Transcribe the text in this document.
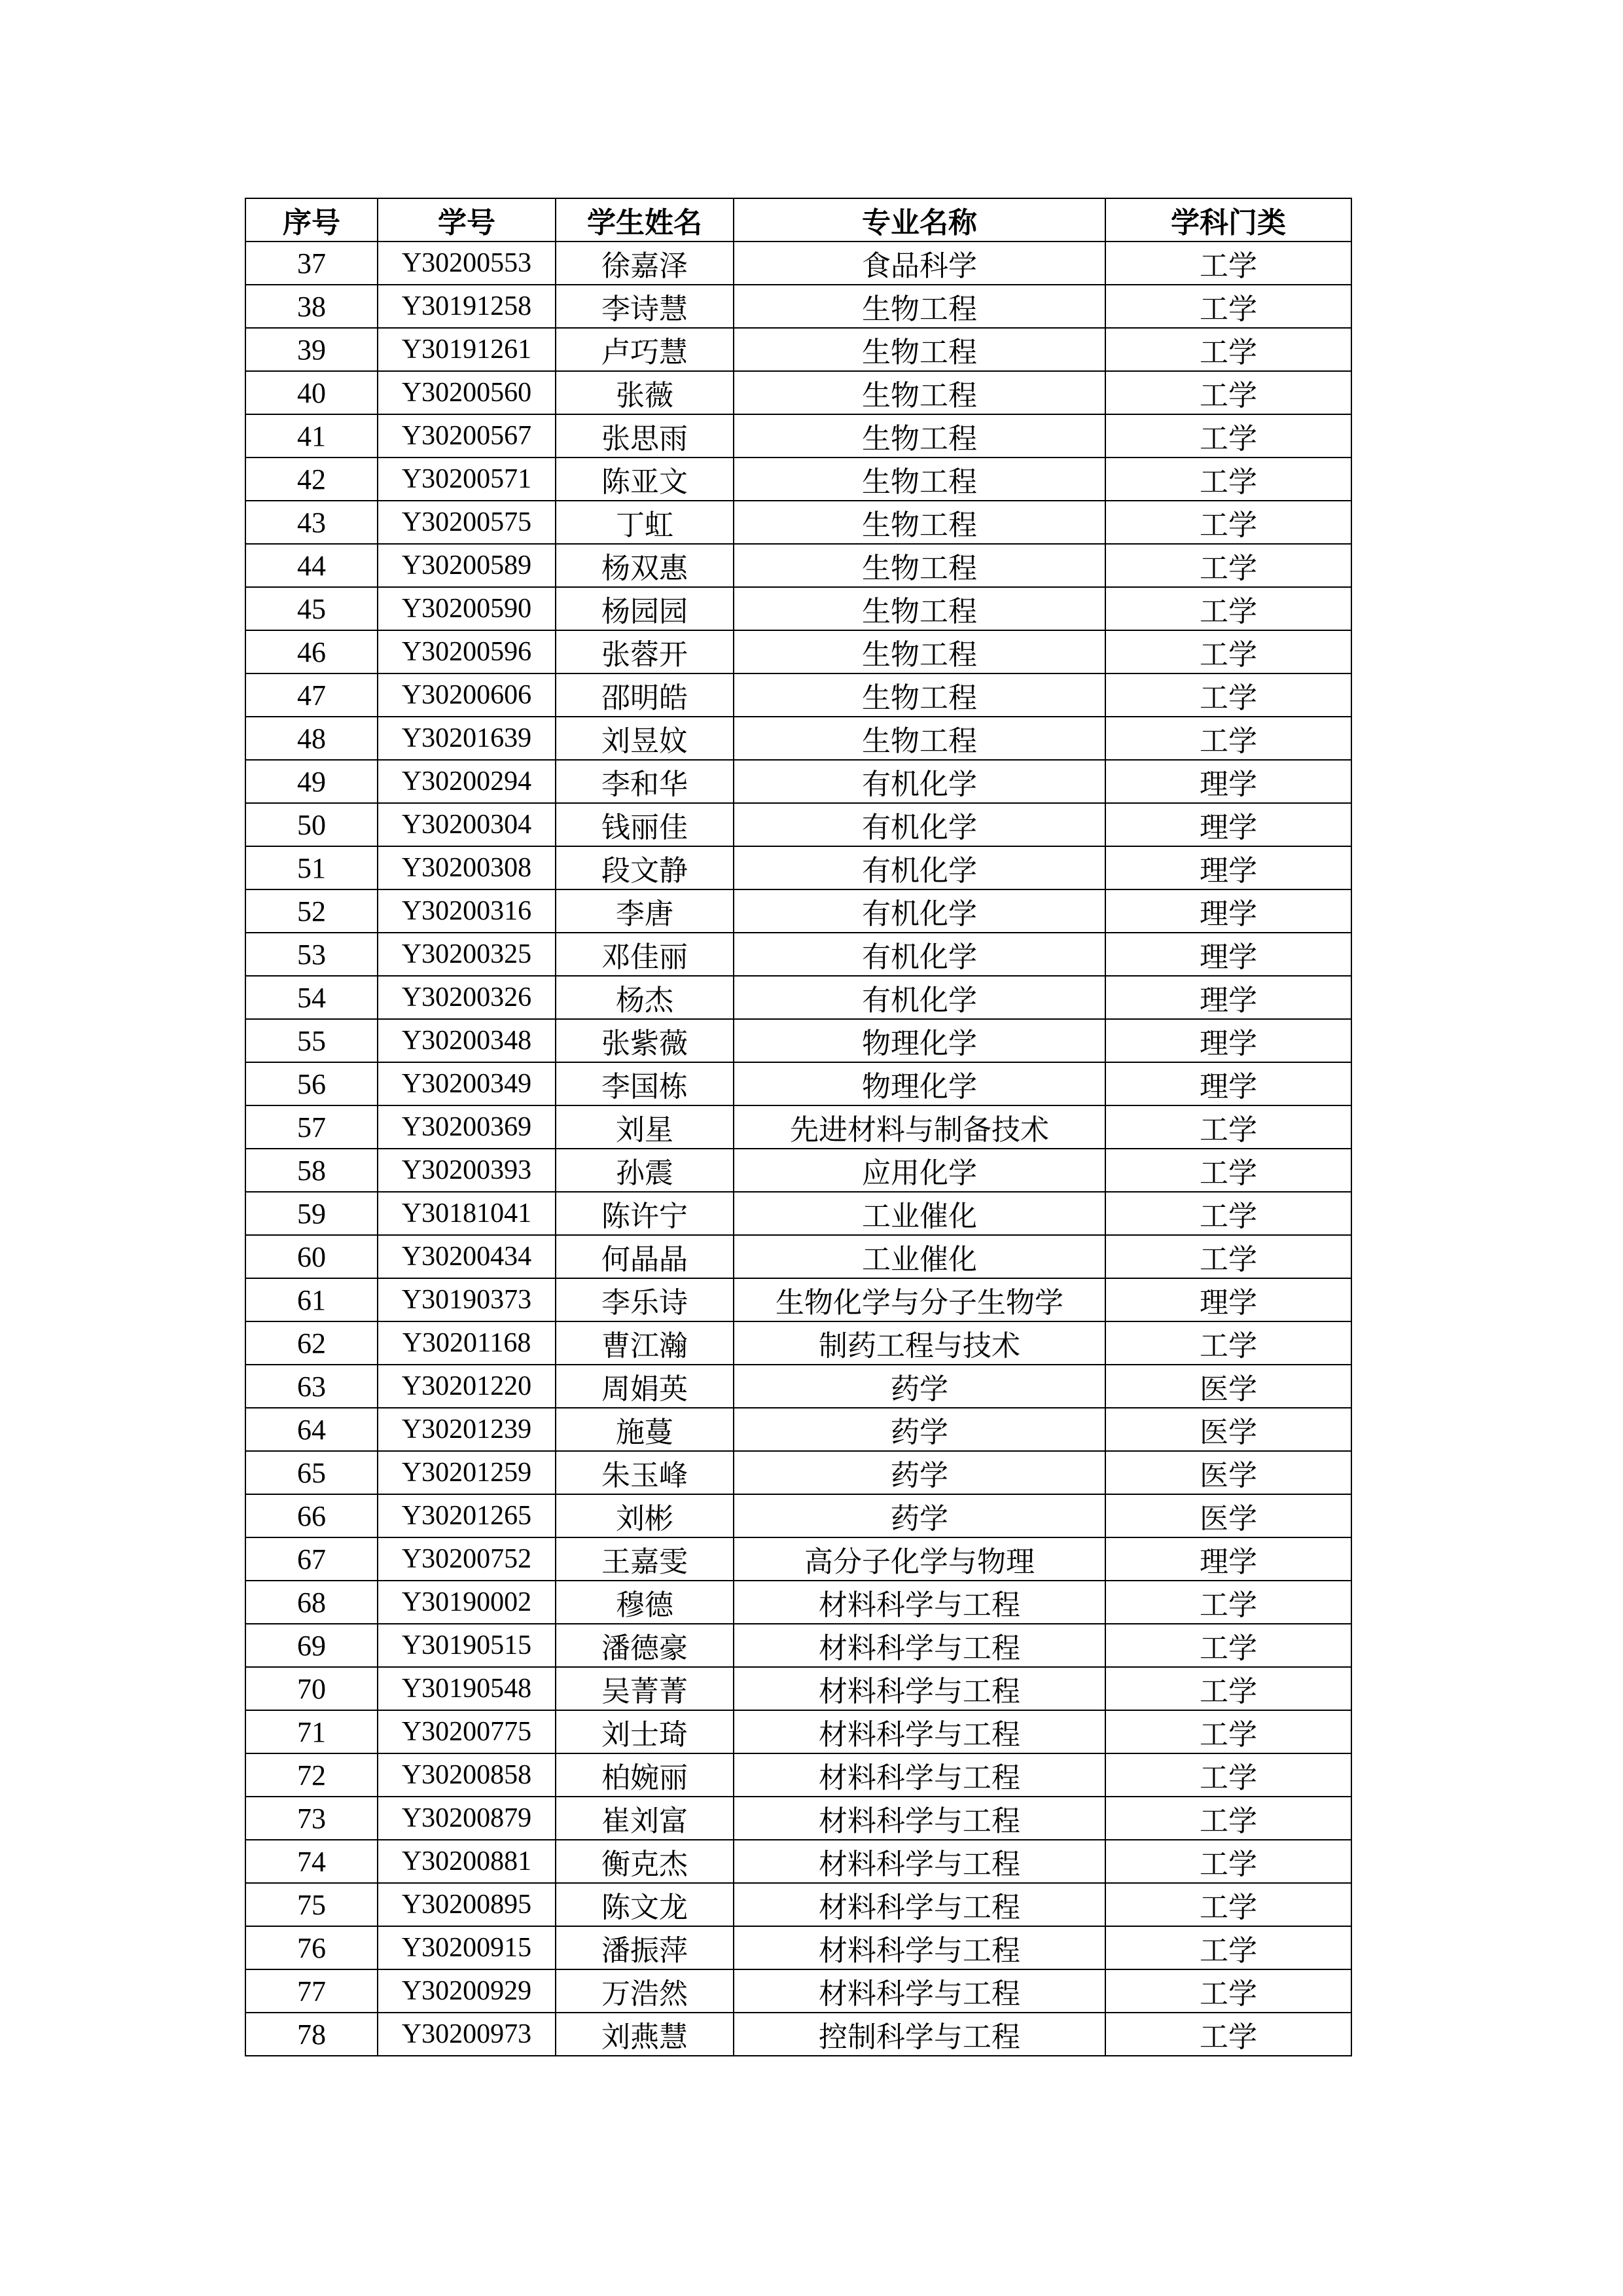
序号	学号	学生姓名	专业名称	学科门类
37	Y30200553	徐嘉泽	食品科学	工学
38	Y30191258	李诗慧	生物工程	工学
39	Y30191261	卢巧慧	生物工程	工学
40	Y30200560	张薇	生物工程	工学
41	Y30200567	张思雨	生物工程	工学
42	Y30200571	陈亚文	生物工程	工学
43	Y30200575	丁虹	生物工程	工学
44	Y30200589	杨双惠	生物工程	工学
45	Y30200590	杨园园	生物工程	工学
46	Y30200596	张蓉开	生物工程	工学
47	Y30200606	邵明皓	生物工程	工学
48	Y30201639	刘昱妏	生物工程	工学
49	Y30200294	李和华	有机化学	理学
50	Y30200304	钱丽佳	有机化学	理学
51	Y30200308	段文静	有机化学	理学
52	Y30200316	李唐	有机化学	理学
53	Y30200325	邓佳丽	有机化学	理学
54	Y30200326	杨杰	有机化学	理学
55	Y30200348	张紫薇	物理化学	理学
56	Y30200349	李国栋	物理化学	理学
57	Y30200369	刘星	先进材料与制备技术	工学
58	Y30200393	孙震	应用化学	工学
59	Y30181041	陈许宁	工业催化	工学
60	Y30200434	何晶晶	工业催化	工学
61	Y30190373	李乐诗	生物化学与分子生物学	理学
62	Y30201168	曹江瀚	制药工程与技术	工学
63	Y30201220	周娟英	药学	医学
64	Y30201239	施蔓	药学	医学
65	Y30201259	朱玉峰	药学	医学
66	Y30201265	刘彬	药学	医学
67	Y30200752	王嘉雯	高分子化学与物理	理学
68	Y30190002	穆德	材料科学与工程	工学
69	Y30190515	潘德豪	材料科学与工程	工学
70	Y30190548	吴菁菁	材料科学与工程	工学
71	Y30200775	刘士琦	材料科学与工程	工学
72	Y30200858	柏婉丽	材料科学与工程	工学
73	Y30200879	崔刘富	材料科学与工程	工学
74	Y30200881	衡克杰	材料科学与工程	工学
75	Y30200895	陈文龙	材料科学与工程	工学
76	Y30200915	潘振萍	材料科学与工程	工学
77	Y30200929	万浩然	材料科学与工程	工学
78	Y30200973	刘燕慧	控制科学与工程	工学
